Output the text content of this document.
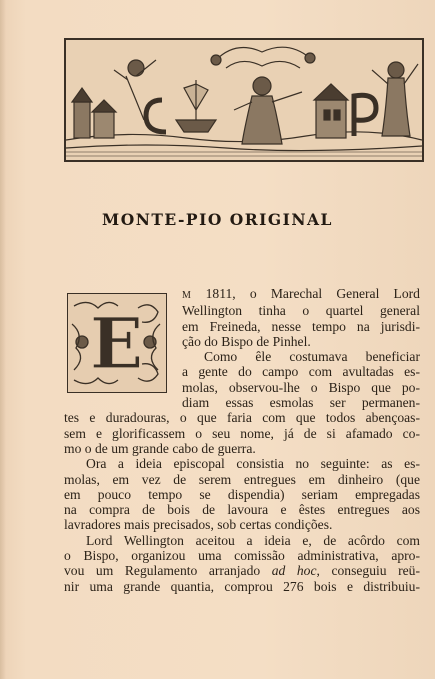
MONTE-PIO ORIGINAL
E
M 1811, o Marechal General Lord
Wellington tinha o quartel general
em Freineda, nesse tempo na jurisdi-
ção do Bispo de Pinhel.
Como êle costumava beneficiar
a gente do campo com avultadas es-
molas, observou-lhe o Bispo que po-
diam essas esmolas ser permanen-
tes e duradouras, o que faria com que todos abençoas-
sem e glorificassem o seu nome, já de si afamado co-
mo o de um grande cabo de guerra.
Ora a ideia episcopal consistia no seguinte: as es-
molas, em vez de serem entregues em dinheiro (que
em pouco tempo se dispendia) seriam empregadas
na compra de bois de lavoura e êstes entregues aos
lavradores mais precisados, sob certas condições.
Lord Wellington aceitou a ideia e, de acôrdo com
o Bispo, organizou uma comissão administrativa, apro-
vou um Regulamento arranjado ad hoc, conseguiu reü-
nir uma grande quantia, comprou 276 bois e distribuiu-
